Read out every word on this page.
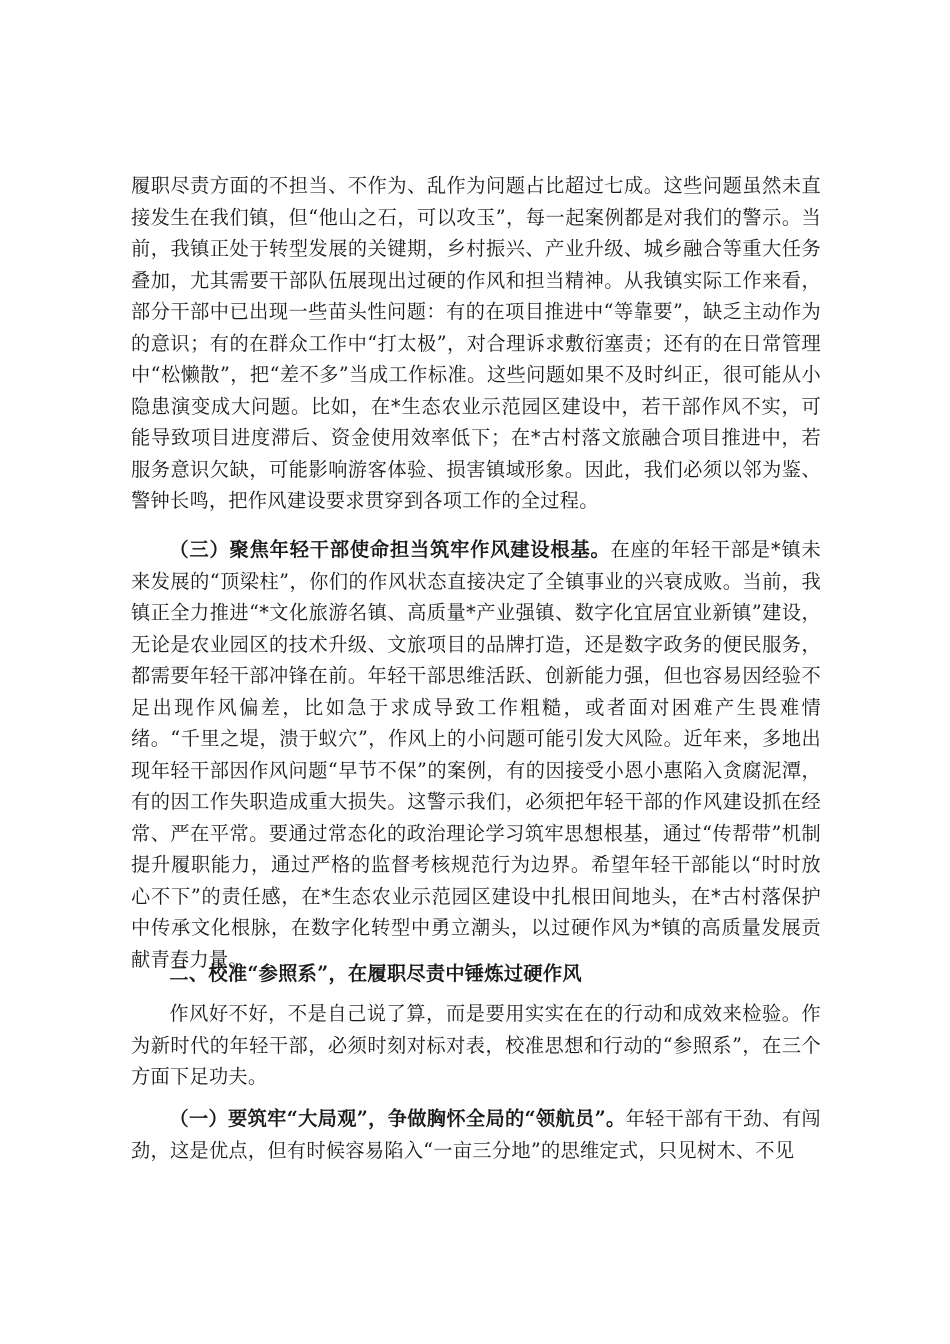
履职尽责方面的不担当、不作为、乱作为问题占比超过七成。这些问题虽然未直接发生在我们镇，但“他山之石，可以攻玉”，每一起案例都是对我们的警示。当前，我镇正处于转型发展的关键期，乡村振兴、产业升级、城乡融合等重大任务叠加，尤其需要干部队伍展现出过硬的作风和担当精神。从我镇实际工作来看，部分干部中已出现一些苗头性问题：有的在项目推进中“等靠要”，缺乏主动作为的意识；有的在群众工作中“打太极”，对合理诉求敷衍塞责；还有的在日常管理中“松懒散”，把“差不多”当成工作标准。这些问题如果不及时纠正，很可能从小隐患演变成大问题。比如，在*生态农业示范园区建设中，若干部作风不实，可能导致项目进度滞后、资金使用效率低下；在*古村落文旅融合项目推进中，若服务意识欠缺，可能影响游客体验、损害镇域形象。因此，我们必须以邻为鉴、警钟长鸣，把作风建设要求贯穿到各项工作的全过程。

（三）聚焦年轻干部使命担当筑牢作风建设根基。在座的年轻干部是*镇未来发展的“顶梁柱”，你们的作风状态直接决定了全镇事业的兴衰成败。当前，我镇正全力推进“*文化旅游名镇、高质量*产业强镇、数字化宜居宜业新镇”建设，无论是农业园区的技术升级、文旅项目的品牌打造，还是数字政务的便民服务，都需要年轻干部冲锋在前。年轻干部思维活跃、创新能力强，但也容易因经验不足出现作风偏差，比如急于求成导致工作粗糙，或者面对困难产生畏难情绪。“千里之堤，溃于蚁穴”，作风上的小问题可能引发大风险。近年来，多地出现年轻干部因作风问题“早节不保”的案例，有的因接受小恩小惠陷入贪腐泥潭，有的因工作失职造成重大损失。这警示我们，必须把年轻干部的作风建设抓在经常、严在平常。要通过常态化的政治理论学习筑牢思想根基，通过“传帮带”机制提升履职能力，通过严格的监督考核规范行为边界。希望年轻干部能以“时时放心不下”的责任感，在*生态农业示范园区建设中扎根田间地头，在*古村落保护中传承文化根脉，在数字化转型中勇立潮头，以过硬作风为*镇的高质量发展贡献青春力量。

二、校准“参照系”，在履职尽责中锤炼过硬作风

作风好不好，不是自己说了算，而是要用实实在在的行动和成效来检验。作为新时代的年轻干部，必须时刻对标对表，校准思想和行动的“参照系”，在三个方面下足功夫。

（一）要筑牢“大局观”，争做胸怀全局的“领航员”。年轻干部有干劲、有闯劲，这是优点，但有时候容易陷入“一亩三分地”的思维定式，只见树木、不见
